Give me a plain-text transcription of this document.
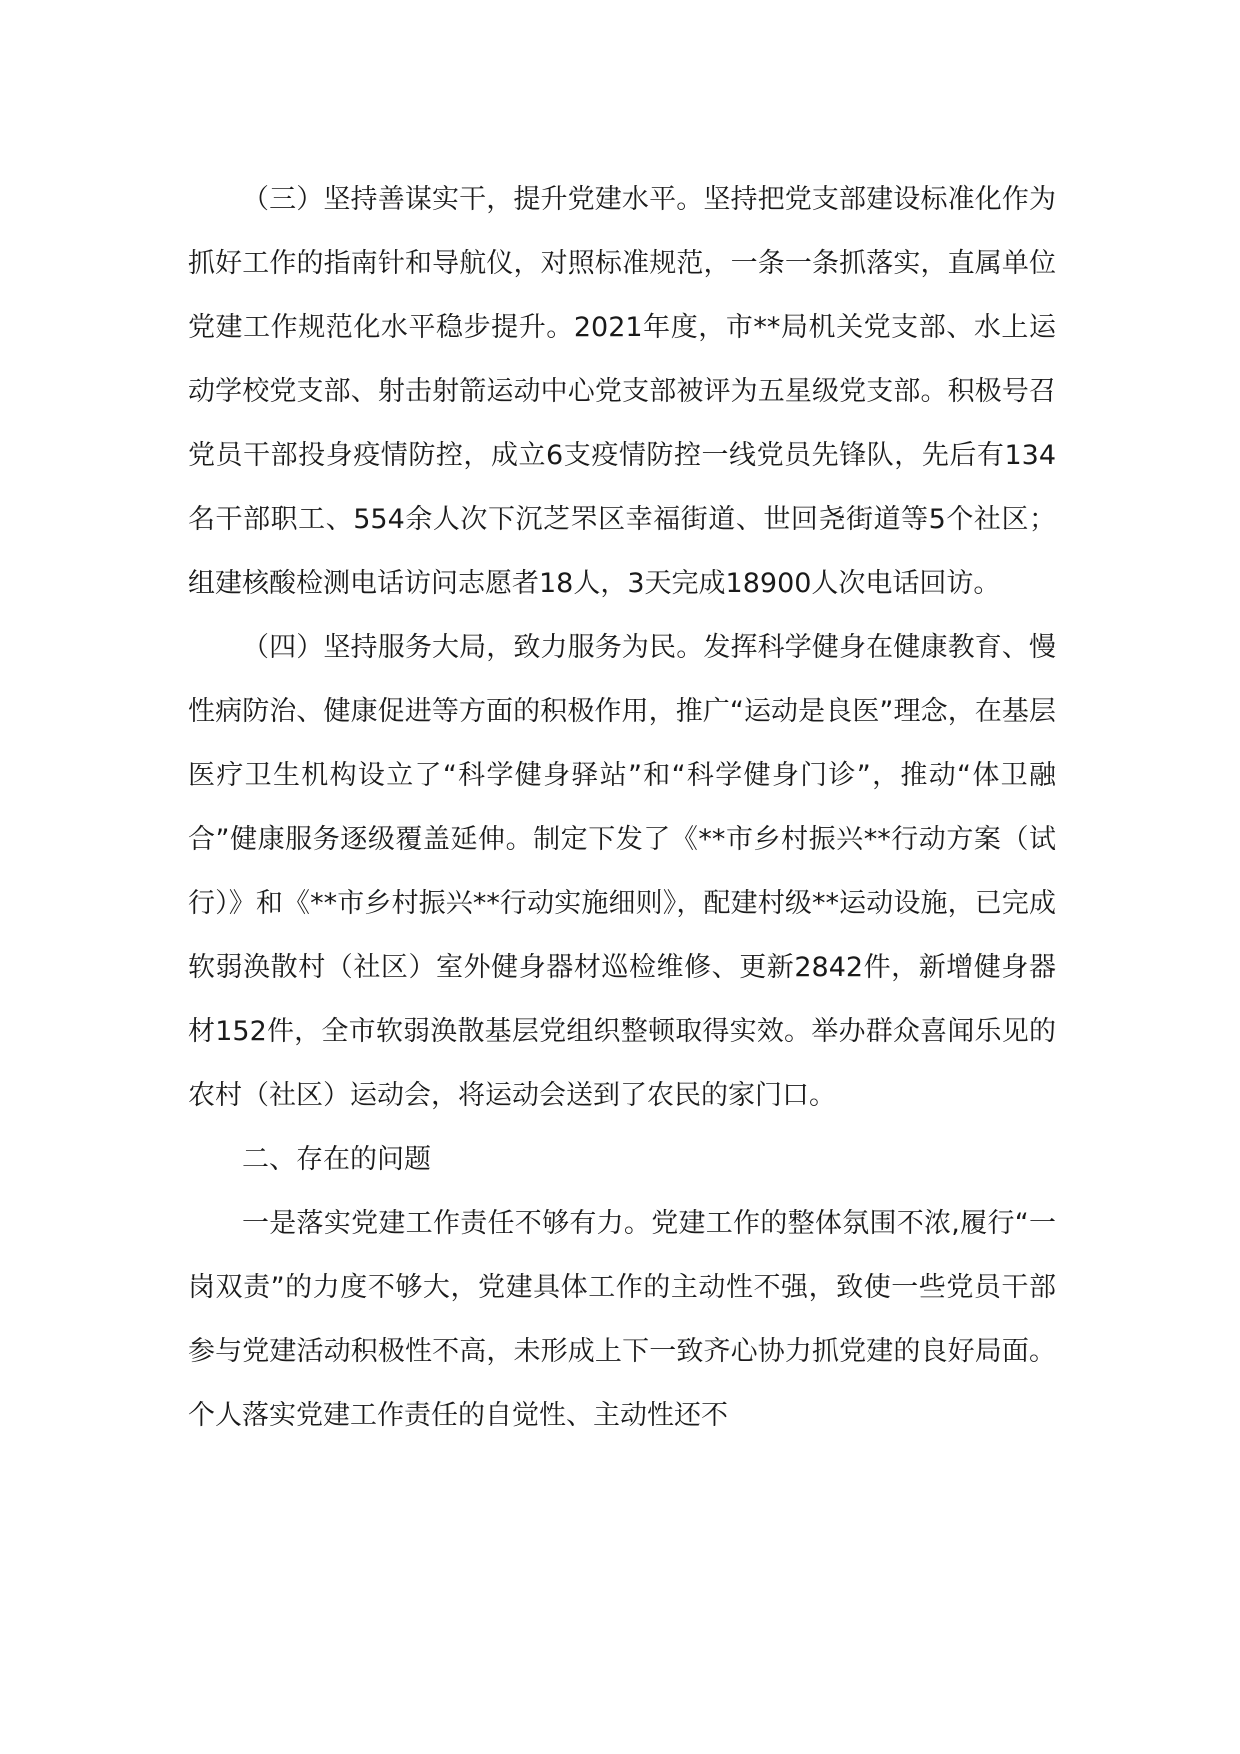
（三）坚持善谋实干，提升党建水平。坚持把党支部建设标准化作为抓好工作的指南针和导航仪，对照标准规范，一条一条抓落实，直属单位党建工作规范化水平稳步提升。2021年度，市**局机关党支部、水上运动学校党支部、射击射箭运动中心党支部被评为五星级党支部。积极号召党员干部投身疫情防控，成立6支疫情防控一线党员先锋队，先后有134名干部职工、554余人次下沉芝罘区幸福街道、世回尧街道等5个社区；组建核酸检测电话访问志愿者18人，3天完成18900人次电话回访。

（四）坚持服务大局，致力服务为民。发挥科学健身在健康教育、慢性病防治、健康促进等方面的积极作用，推广“运动是良医”理念，在基层医疗卫生机构设立了“科学健身驿站”和“科学健身门诊”，推动“体卫融合”健康服务逐级覆盖延伸。制定下发了《**市乡村振兴**行动方案（试行）》和《**市乡村振兴**行动实施细则》，配建村级**运动设施，已完成软弱涣散村（社区）室外健身器材巡检维修、更新2842件，新增健身器材152件，全市软弱涣散基层党组织整顿取得实效。举办群众喜闻乐见的农村（社区）运动会，将运动会送到了农民的家门口。

二、存在的问题

一是落实党建工作责任不够有力。党建工作的整体氛围不浓,履行“一岗双责”的力度不够大，党建具体工作的主动性不强，致使一些党员干部参与党建活动积极性不高，未形成上下一致齐心协力抓党建的良好局面。个人落实党建工作责任的自觉性、主动性还不
